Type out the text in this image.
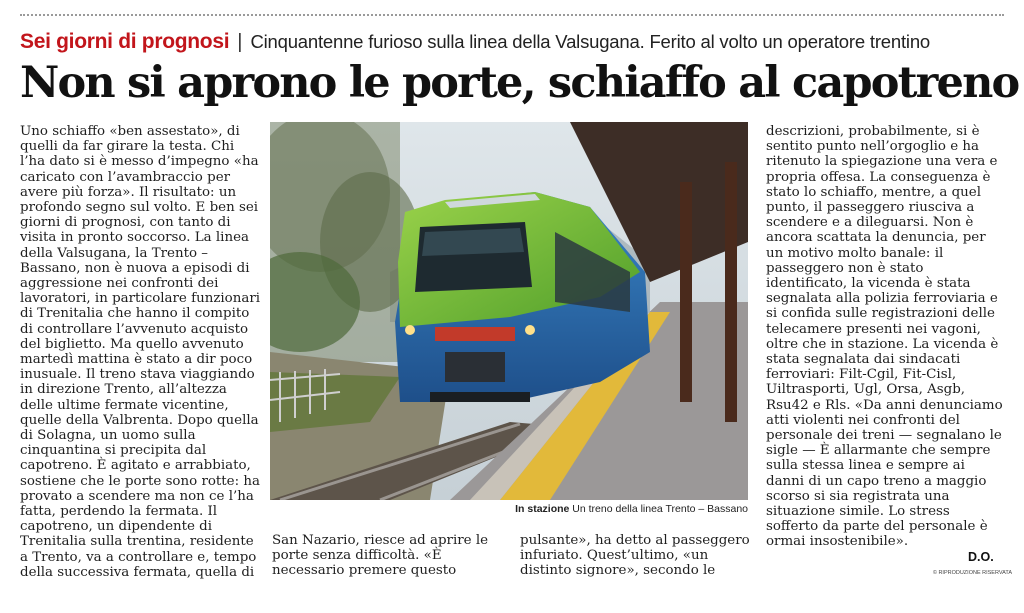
Sei giorni di prognosi | Cinquantenne furioso sulla linea della Valsugana. Ferito al volto un operatore trentino
Non si aprono le porte, schiaffo al capotreno

Uno schiaffo «ben assestato», di quelli da far girare la testa. Chi l’ha dato si è messo d’impegno «ha caricato con l’avambraccio per avere più forza». Il risultato: un profondo segno sul volto. E ben sei giorni di prognosi, con tanto di visita in pronto soccorso. La linea della Valsugana, la Trento – Bassano, non è nuova a episodi di aggressione nei confronti dei lavoratori, in particolare funzionari di Trenitalia che hanno il compito di controllare l’avvenuto acquisto del biglietto. Ma quello avvenuto martedì mattina è stato a dir poco inusuale. Il treno stava viaggiando in direzione Trento, all’altezza delle ultime fermate vicentine, quelle della Valbrenta. Dopo quella di Solagna, un uomo sulla cinquantina si precipita dal capotreno. È agitato e arrabbiato, sostiene che le porte sono rotte: ha provato a scendere ma non ce l’ha fatta, perdendo la fermata. Il capotreno, un dipendente di Trenitalia sulla trentina, residente a Trento, va a controllare e, tempo della successiva fermata, quella di

In stazione Un treno della linea Trento – Bassano

San Nazario, riesce ad aprire le porte senza difficoltà. «È necessario premere questo

pulsante», ha detto al passeggero infuriato. Quest’ultimo, «un distinto signore», secondo le

descrizioni, probabilmente, si è sentito punto nell’orgoglio e ha ritenuto la spiegazione una vera e propria offesa. La conseguenza è stato lo schiaffo, mentre, a quel punto, il passeggero riusciva a scendere e a dileguarsi. Non è ancora scattata la denuncia, per un motivo molto banale: il passeggero non è stato identificato, la vicenda è stata segnalata alla polizia ferroviaria e si confida sulle registrazioni delle telecamere presenti nei vagoni, oltre che in stazione. La vicenda è stata segnalata dai sindacati ferroviari: Filt-Cgil, Fit-Cisl, Uiltrasporti, Ugl, Orsa, Asgb, Rsu42 e Rls. «Da anni denunciamo atti violenti nei confronti del personale dei treni — segnalano le sigle — È allarmante che sempre sulla stessa linea e sempre ai danni di un capo treno a maggio scorso si sia registrata una situazione simile. Lo stress sofferto da parte del personale è ormai insostenibile».

D.O.
© RIPRODUZIONE RISERVATA
